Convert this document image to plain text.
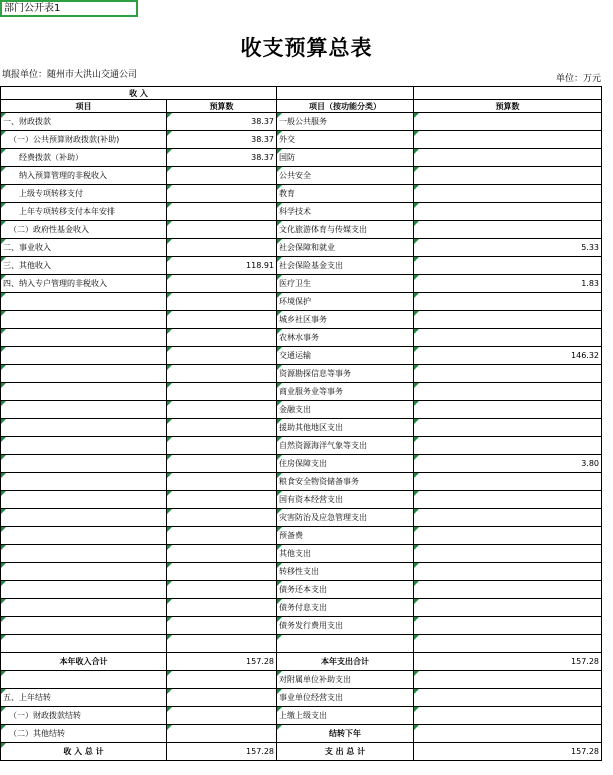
部门公开表1
收支预算总表
填报单位：随州市大洪山交通公司	单位：万元
收 入			
项目	预算数	项目（按功能分类）	预算数
一、财政拨款	38.37	一般公共服务	
（一）公共预算财政拨款(补助)	38.37	外交	
经费拨款（补助）	38.37	国防	
纳入预算管理的非税收入		公共安全	
上级专项转移支付		教育	
上年专项转移支付本年安排		科学技术	
（二）政府性基金收入		文化旅游体育与传媒支出	
二、事业收入		社会保障和就业	5.33
三、其他收入	118.91	社会保险基金支出	
四、纳入专户管理的非税收入		医疗卫生	1.83
		环境保护	
		城乡社区事务	
		农林水事务	
		交通运输	146.32
		资源勘探信息等事务	
		商业服务业等事务	
		金融支出	
		援助其他地区支出	
		自然资源海洋气象等支出	
		住房保障支出	3.80
		粮食安全物资储备事务	
		国有资本经营支出	
		灾害防治及应急管理支出	
		预备费	
		其他支出	
		转移性支出	
		债务还本支出	
		债务付息支出	
		债务发行费用支出	

本年收入合计	157.28	本年支出合计	157.28
		对附属单位补助支出	
五、上年结转		事业单位经营支出	
（一）财政拨款结转		上缴上级支出	
（二）其他结转		结转下年	
收 入 总 计	157.28	支 出 总 计	157.28
